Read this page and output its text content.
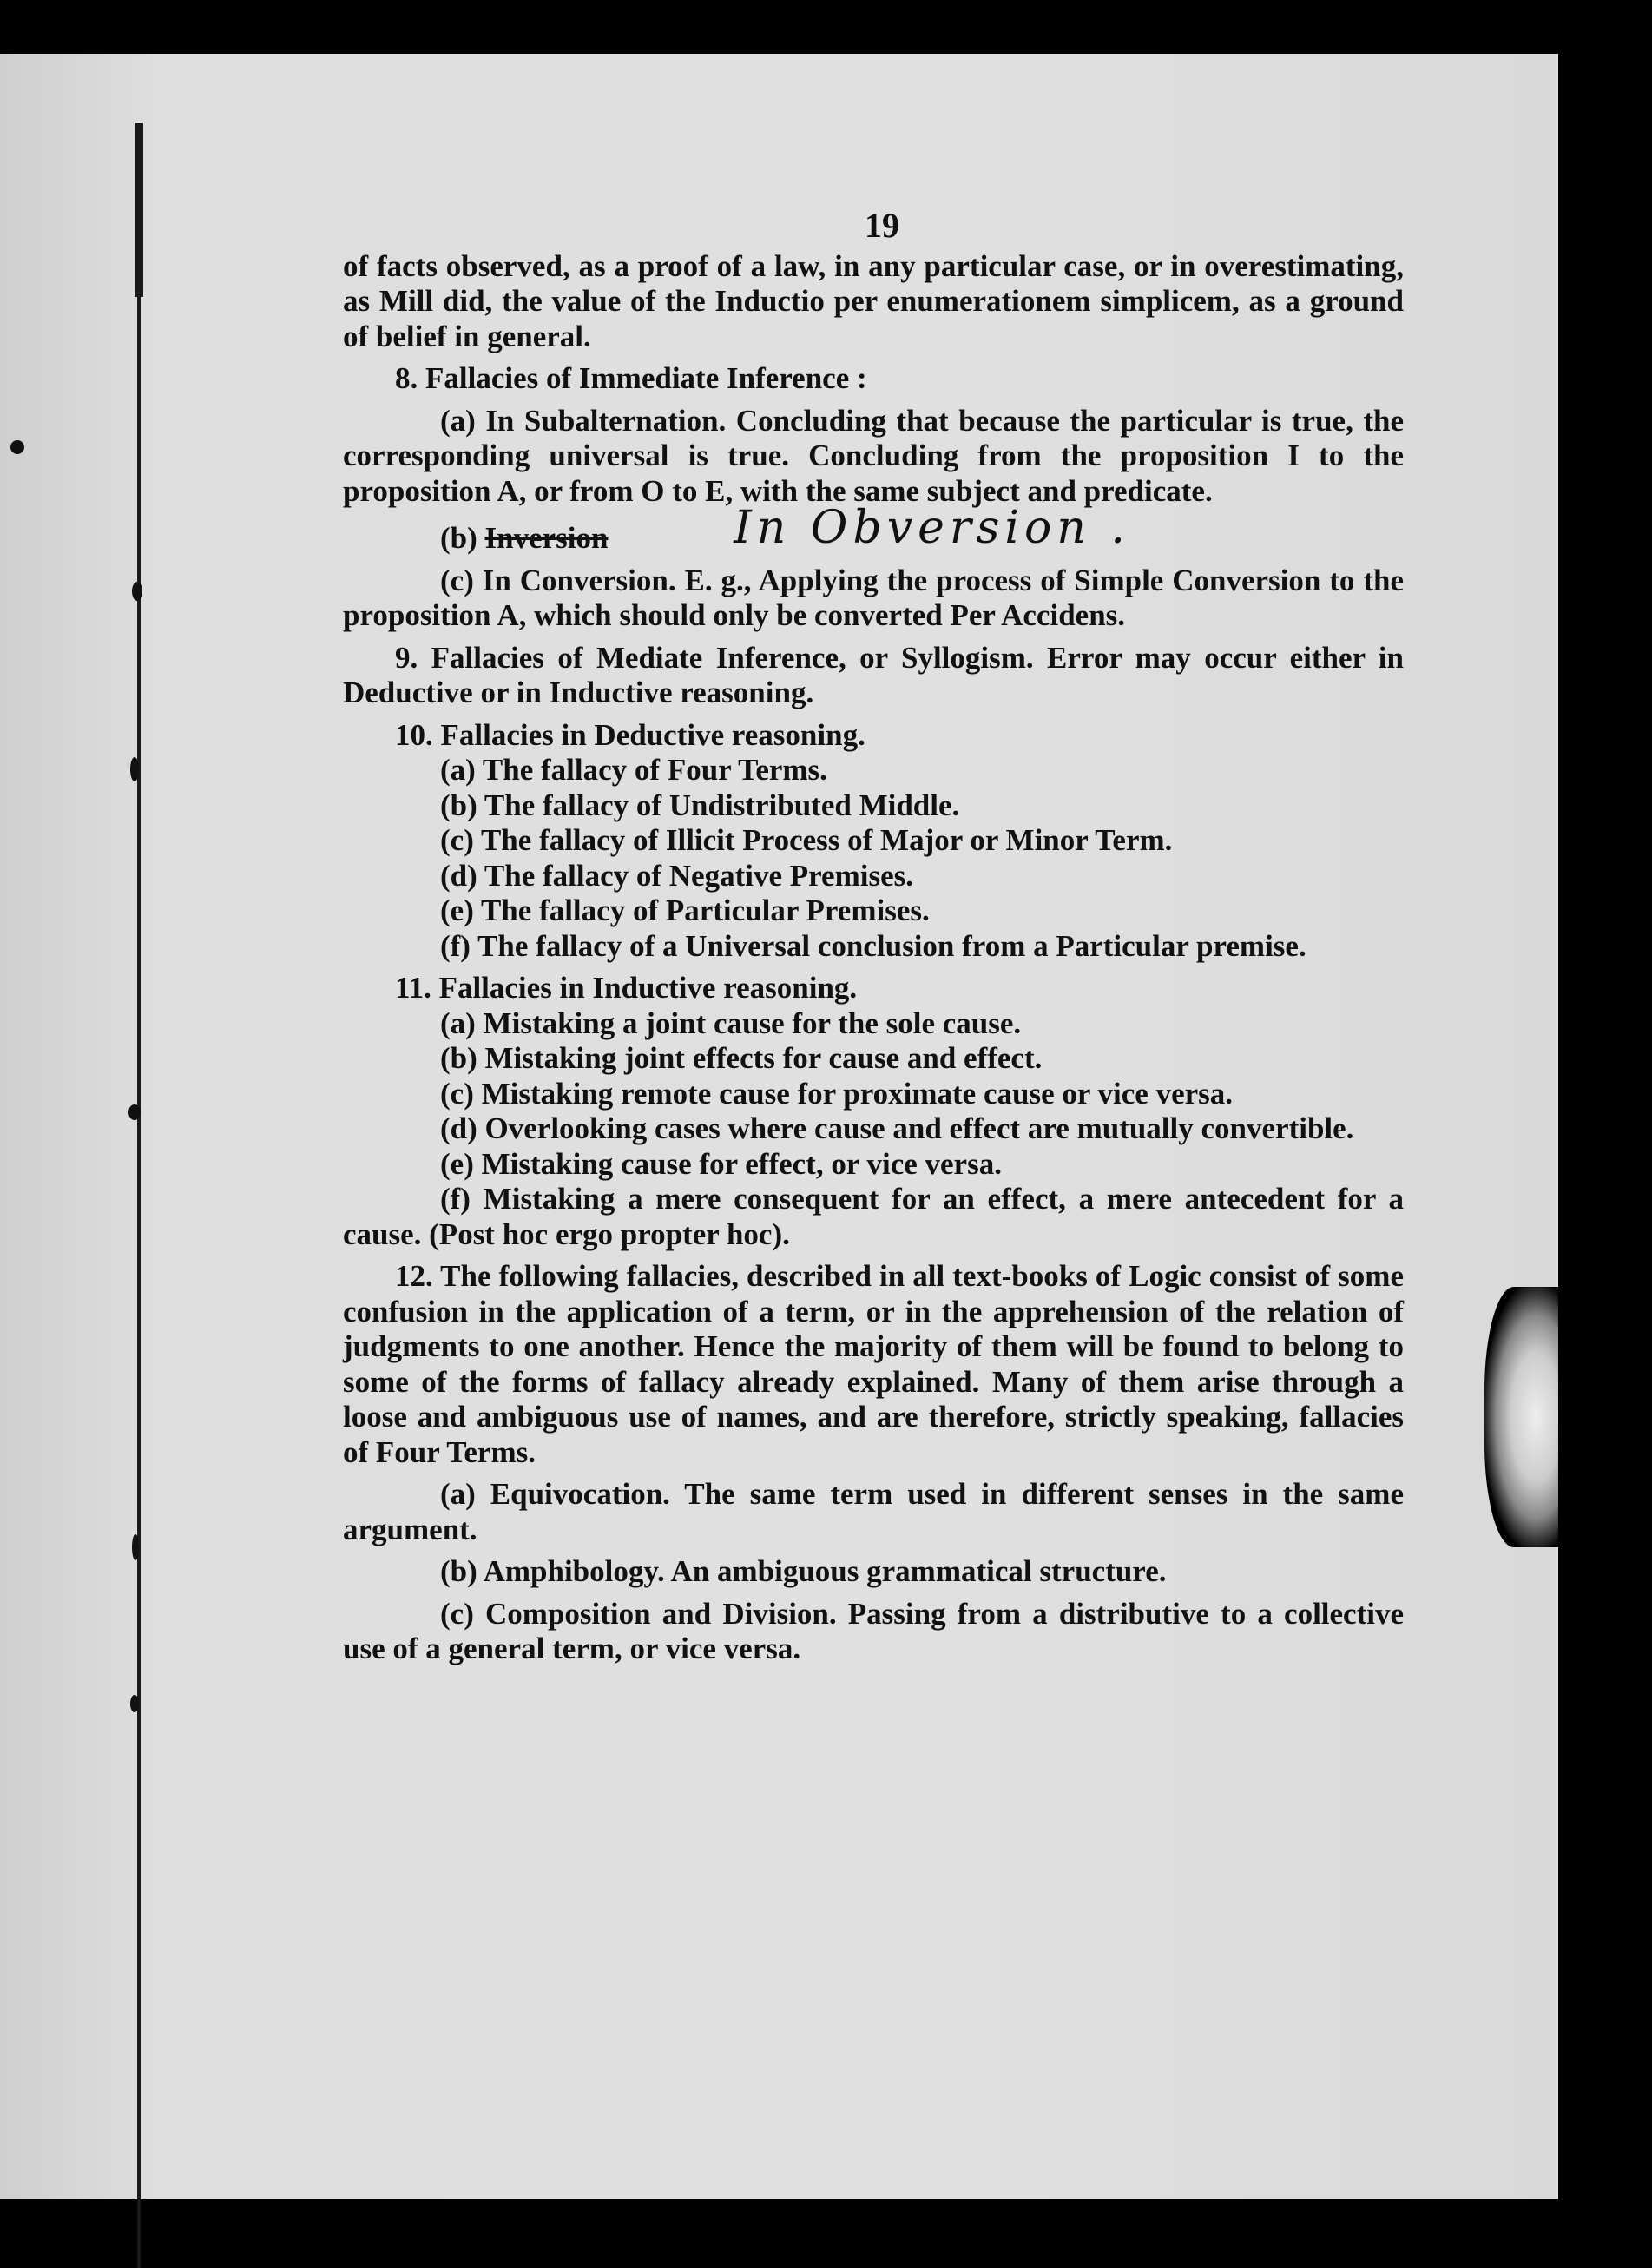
19

of facts observed, as a proof of a law, in any particular case, or in overestimating, as Mill did, the value of the Inductio per enumerationem simplicem, as a ground of belief in general.

8. Fallacies of Immediate Inference :

(a) In Subalternation. Concluding that because the particular is true, the corresponding universal is true. Concluding from the proposition I to the proposition A, or from O to E, with the same subject and predicate.

(b) Inversion	In Obversion .

(c) In Conversion. E. g., Applying the process of Simple Conversion to the proposition A, which should only be converted Per Accidens.

9. Fallacies of Mediate Inference, or Syllogism. Error may occur either in Deductive or in Inductive reasoning.

10. Fallacies in Deductive reasoning.

(a) The fallacy of Four Terms.

(b) The fallacy of Undistributed Middle.

(c) The fallacy of Illicit Process of Major or Minor Term.

(d) The fallacy of Negative Premises.

(e) The fallacy of Particular Premises.

(f) The fallacy of a Universal conclusion from a Particular premise.

11. Fallacies in Inductive reasoning.

(a) Mistaking a joint cause for the sole cause.

(b) Mistaking joint effects for cause and effect.

(c) Mistaking remote cause for proximate cause or vice versa.

(d) Overlooking cases where cause and effect are mutually convertible.

(e) Mistaking cause for effect, or vice versa.

(f) Mistaking a mere consequent for an effect, a mere antecedent for a cause. (Post hoc ergo propter hoc).

12. The following fallacies, described in all text-books of Logic consist of some confusion in the application of a term, or in the apprehension of the relation of judgments to one another. Hence the majority of them will be found to belong to some of the forms of fallacy already explained. Many of them arise through a loose and ambiguous use of names, and are therefore, strictly speaking, fallacies of Four Terms.

(a) Equivocation. The same term used in different senses in the same argument.

(b) Amphibology. An ambiguous grammatical structure.

(c) Composition and Division. Passing from a distributive to a collective use of a general term, or vice versa.
